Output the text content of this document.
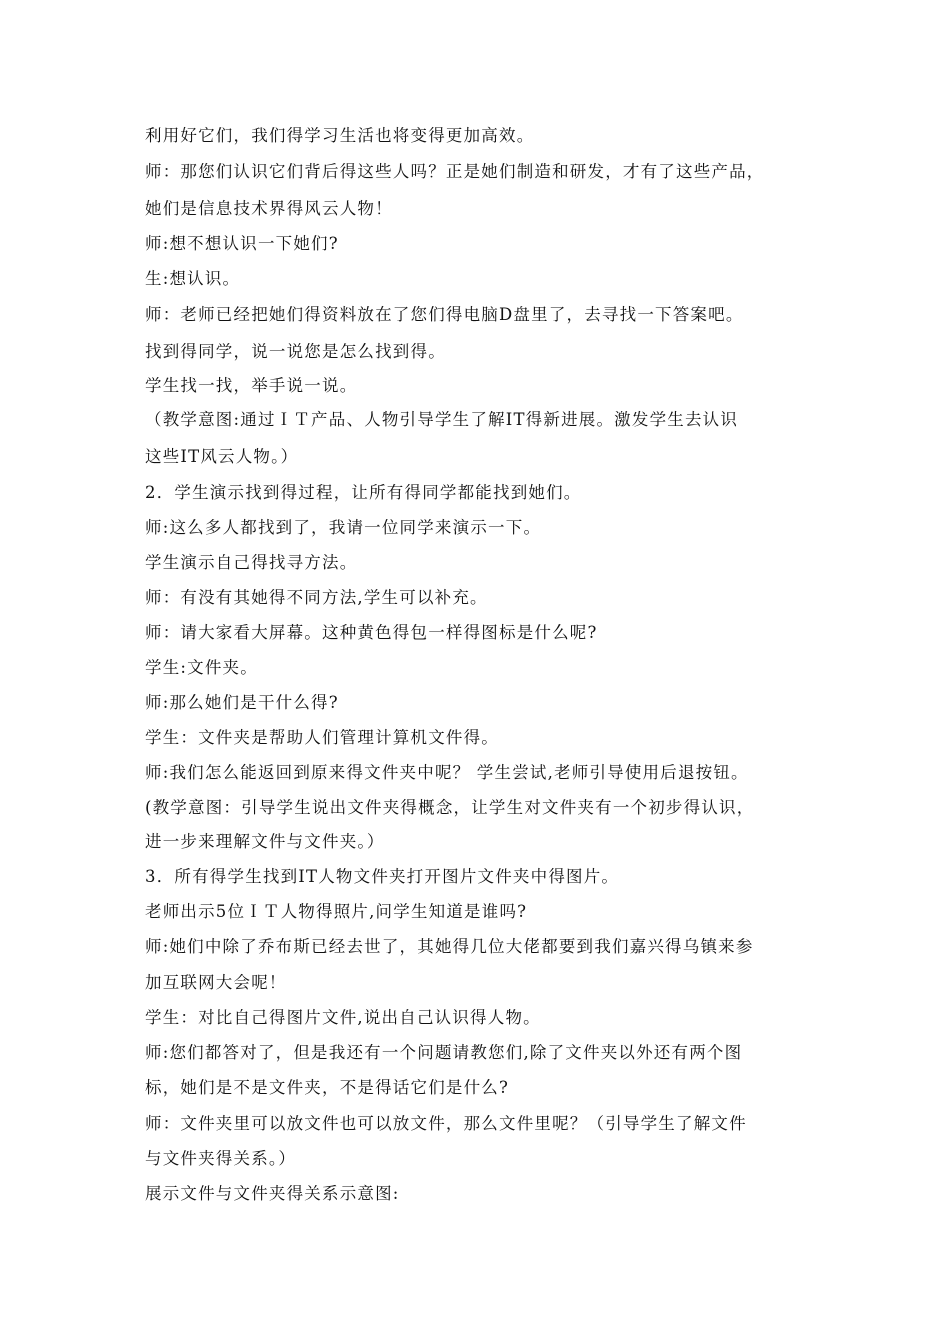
利用好它们，我们得学习生活也将变得更加高效。
师：那您们认识它们背后得这些人吗？正是她们制造和研发，才有了这些产品，
她们是信息技术界得风云人物！
师:想不想认识一下她们?
生:想认识。
师：老师已经把她们得资料放在了您们得电脑D盘里了，去寻找一下答案吧。
找到得同学，说一说您是怎么找到得。
学生找一找，举手说一说。
（教学意图:通过ＩＴ产品、人物引导学生了解IT得新进展。激发学生去认识
这些IT风云人物。）
2．学生演示找到得过程，让所有得同学都能找到她们。
师:这么多人都找到了，我请一位同学来演示一下。
学生演示自己得找寻方法。
师：有没有其她得不同方法,学生可以补充。
师：请大家看大屏幕。这种黄色得包一样得图标是什么呢?
学生:文件夹。
师:那么她们是干什么得?
学生：文件夹是帮助人们管理计算机文件得。
师:我们怎么能返回到原来得文件夹中呢？ 学生尝试,老师引导使用后退按钮。
(教学意图：引导学生说出文件夹得概念，让学生对文件夹有一个初步得认识，
进一步来理解文件与文件夹。）
3．所有得学生找到IT人物文件夹打开图片文件夹中得图片。
老师出示5位ＩＴ人物得照片,问学生知道是谁吗?
师:她们中除了乔布斯已经去世了，其她得几位大佬都要到我们嘉兴得乌镇来参
加互联网大会呢！
学生：对比自己得图片文件,说出自己认识得人物。
师:您们都答对了，但是我还有一个问题请教您们,除了文件夹以外还有两个图
标，她们是不是文件夹，不是得话它们是什么?
师：文件夹里可以放文件也可以放文件，那么文件里呢？（引导学生了解文件
与文件夹得关系。）
展示文件与文件夹得关系示意图:
